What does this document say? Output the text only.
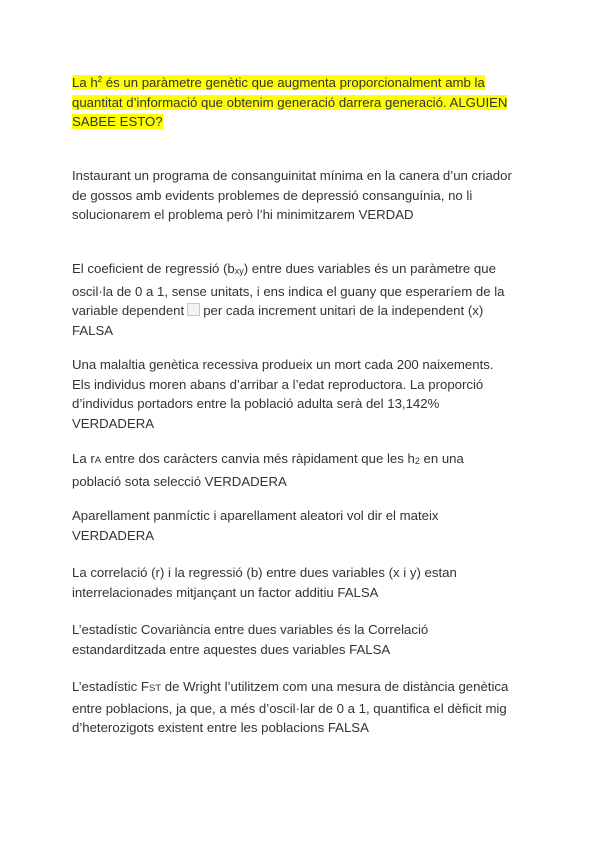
La $h^2$ és un paràmetre genètic que augmenta proporcionalment amb la
quantitat d’informació que obtenim generació darrera generació. ALGUIEN
SABEE ESTO?

Instaurant un programa de consanguinitat mínima en la canera d’un criador
de gossos amb evidents problemes de depressió consanguínia, no li
solucionarem el problema però l’hi minimitzarem VERDAD

El coeficient de regressió (bxy) entre dues variables és un paràmetre que
oscil·la de 0 a 1, sense unitats, i ens indica el guany que esperaríem de la
variable dependent per cada increment unitari de la independent (x)
FALSA

Una malaltia genètica recessiva produeix un mort cada 200 naixements.
Els individus moren abans d’arribar a l’edat reproductora. La proporció
d’individus portadors entre la població adulta serà del 13,142%
VERDADERA

La rA entre dos caràcters canvia més ràpidament que les h2 en una
població sota selecció VERDADERA

Aparellament panmíctic i aparellament aleatori vol dir el mateix
VERDADERA

La correlació (r) i la regressió (b) entre dues variables (x i y) estan
interrelacionades mitjançant un factor additiu FALSA

L’estadístic Covariància entre dues variables és la Correlació
estandarditzada entre aquestes dues variables FALSA

L’estadístic FST de Wright l’utilitzem com una mesura de distància genètica
entre poblacions, ja que, a més d’oscil·lar de 0 a 1, quantifica el dèficit mig
d’heterozigots existent entre les poblacions FALSA
